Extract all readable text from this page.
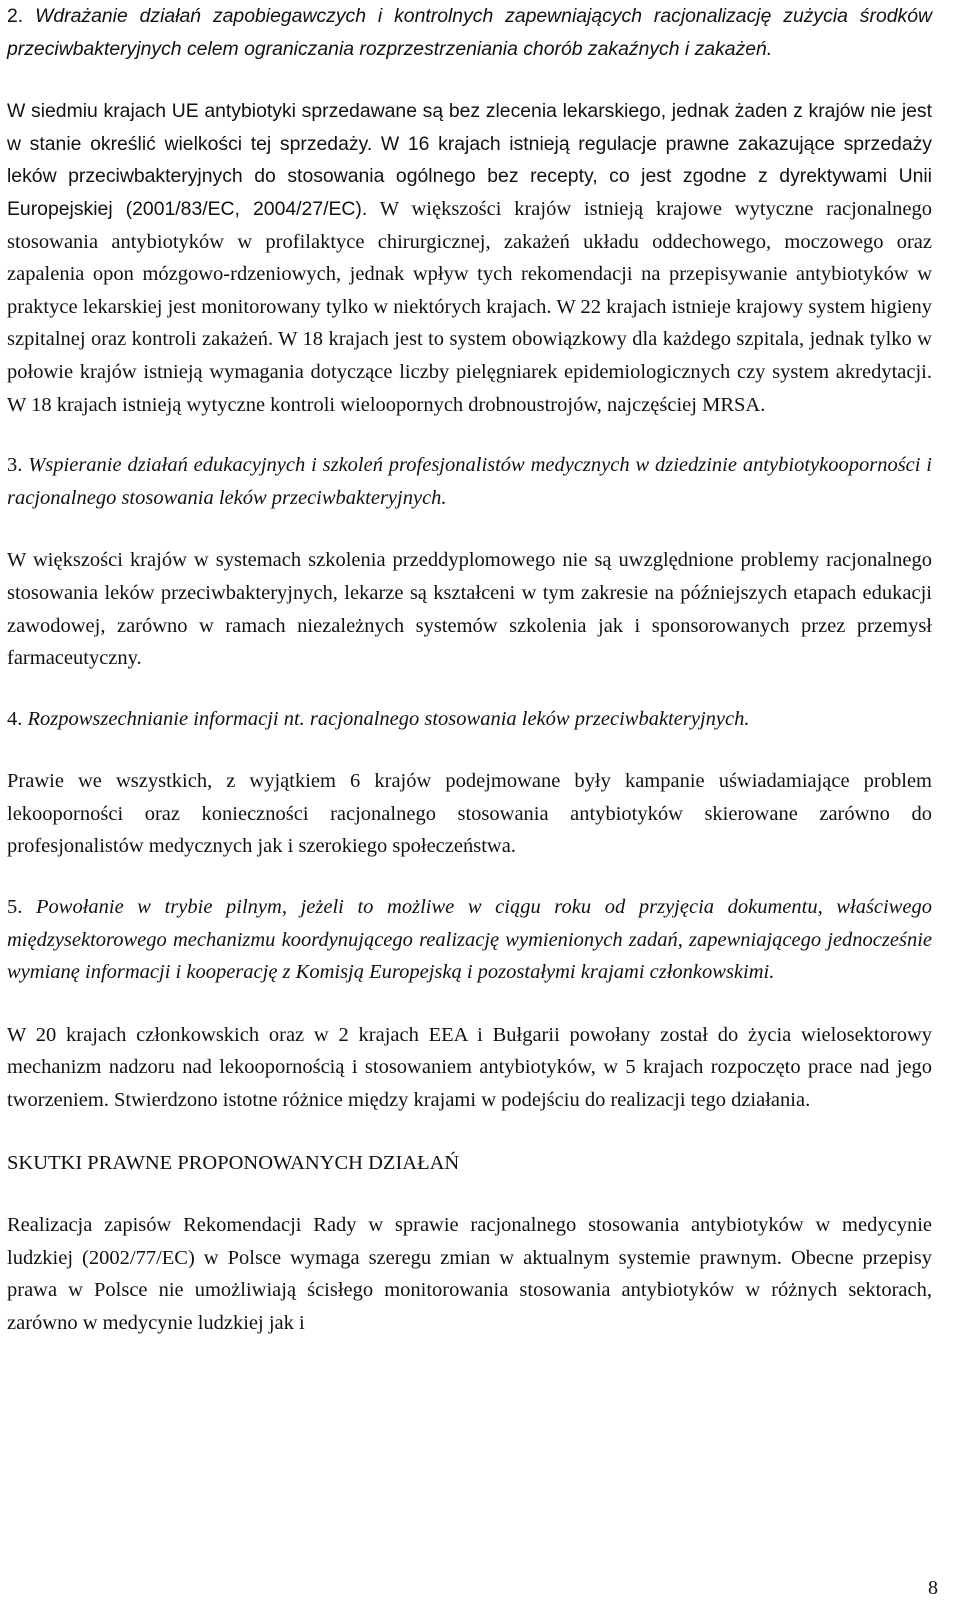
2. Wdrażanie działań zapobiegawczych i kontrolnych zapewniających racjonalizację zużycia środków przeciwbakteryjnych celem ograniczania rozprzestrzeniania chorób zakaźnych i zakażeń.

W siedmiu krajach UE antybiotyki sprzedawane są bez zlecenia lekarskiego, jednak żaden z krajów nie jest w stanie określić wielkości tej sprzedaży. W 16 krajach istnieją regulacje prawne zakazujące sprzedaży leków przeciwbakteryjnych do stosowania ogólnego bez recepty, co jest zgodne z dyrektywami Unii Europejskiej (2001/83/EC, 2004/27/EC). W większości krajów istnieją krajowe wytyczne racjonalnego stosowania antybiotyków w profilaktyce chirurgicznej, zakażeń układu oddechowego, moczowego oraz zapalenia opon mózgowo-rdzeniowych, jednak wpływ tych rekomendacji na przepisywanie antybiotyków w praktyce lekarskiej jest monitorowany tylko w niektórych krajach. W 22 krajach istnieje krajowy system higieny szpitalnej oraz kontroli zakażeń. W 18 krajach jest to system obowiązkowy dla każdego szpitala, jednak tylko w połowie krajów istnieją wymagania dotyczące liczby pielęgniarek epidemiologicznych czy system akredytacji. W 18 krajach istnieją wytyczne kontroli wieloopornych drobnoustrojów, najczęściej MRSA.

3. Wspieranie działań edukacyjnych i szkoleń profesjonalistów medycznych w dziedzinie antybiotykooporności i racjonalnego stosowania leków przeciwbakteryjnych.

W większości krajów w systemach szkolenia przeddyplomowego nie są uwzględnione problemy racjonalnego stosowania leków przeciwbakteryjnych, lekarze są kształceni w tym zakresie na późniejszych etapach edukacji zawodowej, zarówno w ramach niezależnych systemów szkolenia jak i sponsorowanych przez przemysł farmaceutyczny.

4. Rozpowszechnianie informacji nt. racjonalnego stosowania leków przeciwbakteryjnych.

Prawie we wszystkich, z wyjątkiem 6 krajów podejmowane były kampanie uświadamiające problem lekooporności oraz konieczności racjonalnego stosowania antybiotyków skierowane zarówno do profesjonalistów medycznych jak i szerokiego społeczeństwa.

5. Powołanie w trybie pilnym, jeżeli to możliwe w ciągu roku od przyjęcia dokumentu, właściwego międzysektorowego mechanizmu koordynującego realizację wymienionych zadań, zapewniającego jednocześnie wymianę informacji i kooperację z Komisją Europejską i pozostałymi krajami członkowskimi.

W 20 krajach członkowskich oraz w 2 krajach EEA i Bułgarii powołany został do życia wielosektorowy mechanizm nadzoru nad lekoopornością i stosowaniem antybiotyków, w 5 krajach rozpoczęto prace nad jego tworzeniem. Stwierdzono istotne różnice między krajami w podejściu do realizacji tego działania.

SKUTKI PRAWNE PROPONOWANYCH DZIAŁAŃ

Realizacja zapisów Rekomendacji Rady w sprawie racjonalnego stosowania antybiotyków w medycynie ludzkiej (2002/77/EC) w Polsce wymaga szeregu zmian w aktualnym systemie prawnym. Obecne przepisy prawa w Polsce nie umożliwiają ścisłego monitorowania stosowania antybiotyków w różnych sektorach, zarówno w medycynie ludzkiej jak i

8
